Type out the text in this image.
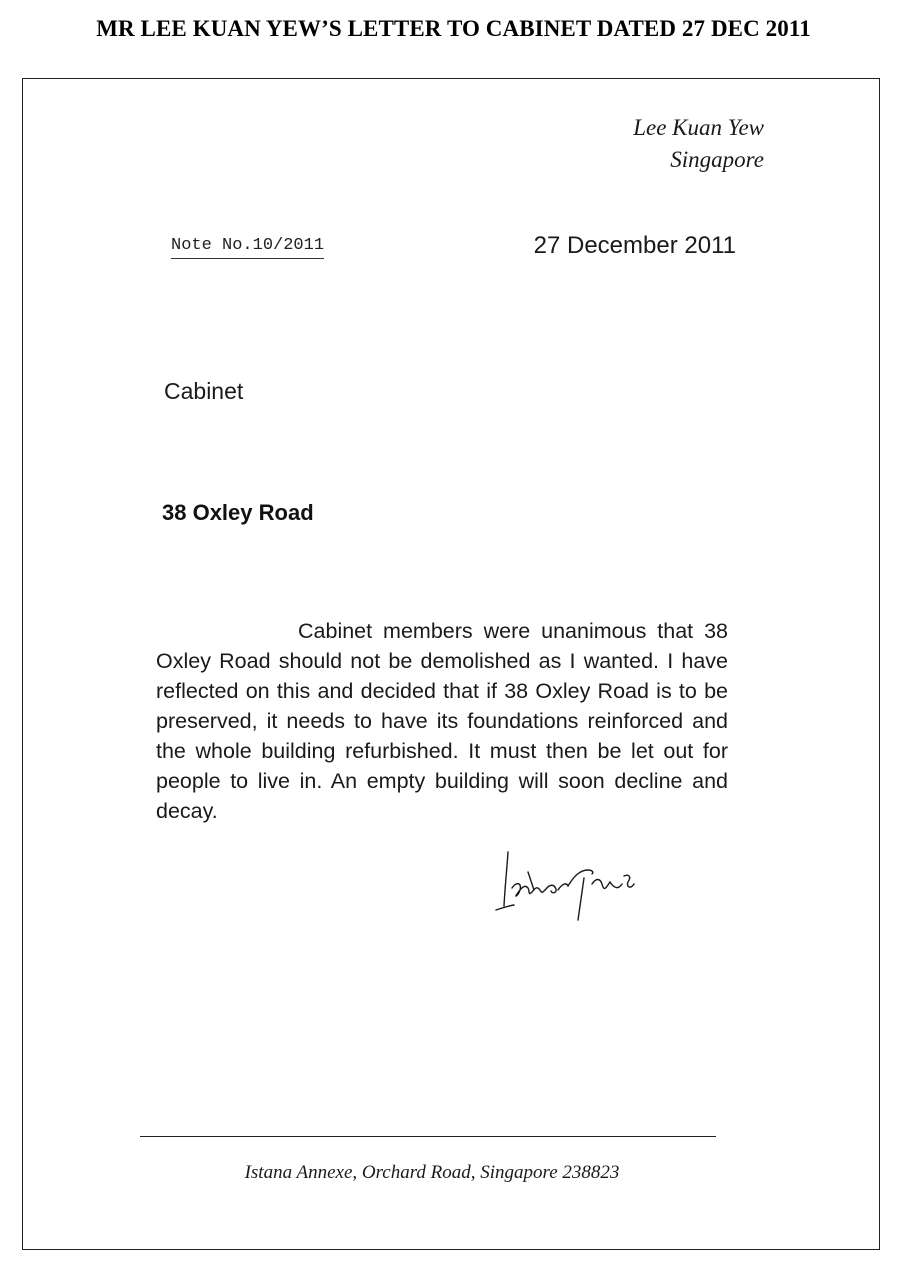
MR LEE KUAN YEW’S LETTER TO CABINET DATED 27 DEC 2011
Lee Kuan Yew
Singapore
Note No.10/2011	27 December 2011
Cabinet
38 Oxley Road

Cabinet members were unanimous that 38 Oxley Road should not be demolished as I wanted. I have reflected on this and decided that if 38 Oxley Road is to be preserved, it needs to have its foundations reinforced and the whole building refurbished. It must then be let out for people to live in. An empty building will soon decline and decay.

Istana Annexe, Orchard Road, Singapore 238823
